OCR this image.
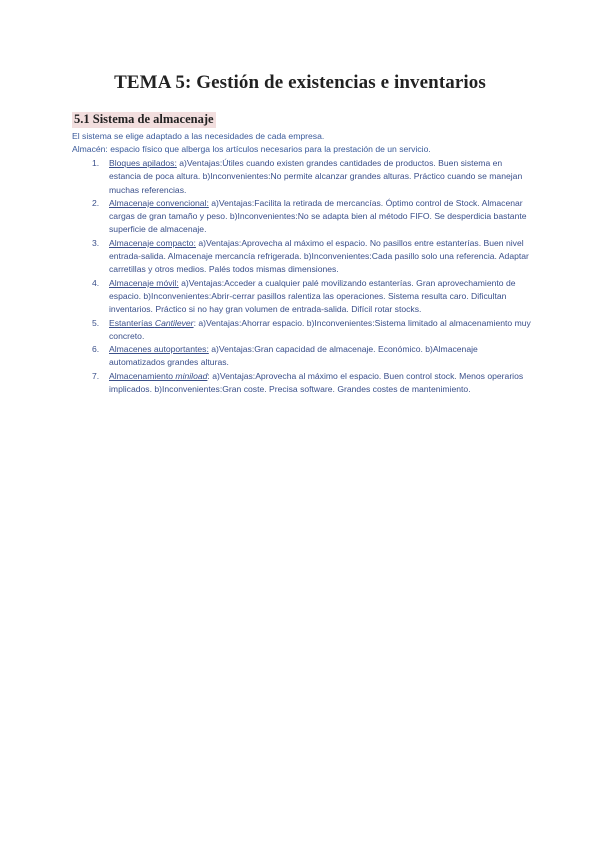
TEMA 5: Gestión de existencias e inventarios
5.1 Sistema de almacenaje

El sistema se elige adaptado a las necesidades de cada empresa.

Almacén: espacio físico que alberga los artículos necesarios para la prestación de un servicio.

1. Bloques apilados: a)Ventajas:Útiles cuando existen grandes cantidades de productos. Buen sistema en estancia de poca altura. b)Inconvenientes:No permite alcanzar grandes alturas. Práctico cuando se manejan muchas referencias.
2. Almacenaje convencional: a)Ventajas:Facilita la retirada de mercancías. Óptimo control de Stock. Almacenar cargas de gran tamaño y peso. b)Inconvenientes:No se adapta bien al método FIFO. Se desperdicia bastante superficie de almacenaje.
3. Almacenaje compacto: a)Ventajas:Aprovecha al máximo el espacio. No pasillos entre estanterías. Buen nivel entrada-salida. Almacenaje mercancía refrigerada. b)Inconvenientes:Cada pasillo solo una referencia. Adaptar carretillas y otros medios. Palés todos mismas dimensiones.
4. Almacenaje móvil: a)Ventajas:Acceder a cualquier palé movilizando estanterías. Gran aprovechamiento de espacio. b)Inconvenientes:Abrir-cerrar pasillos ralentiza las operaciones. Sistema resulta caro. Dificultan inventarios. Práctico si no hay gran volumen de entrada-salida. Difícil rotar stocks.
5. Estanterías Cantilever: a)Ventajas:Ahorrar espacio. b)Inconvenientes:Sistema limitado al almacenamiento muy concreto.
6. Almacenes autoportantes: a)Ventajas:Gran capacidad de almacenaje. Económico. b)Almacenaje automatizados grandes alturas.
7. Almacenamiento minilo​ad: a)Ventajas:Aprovecha al máximo el espacio. Buen control stock. Menos operarios implicados. b)Inconvenientes:Gran coste. Precisa software. Grandes costes de mantenimiento.
